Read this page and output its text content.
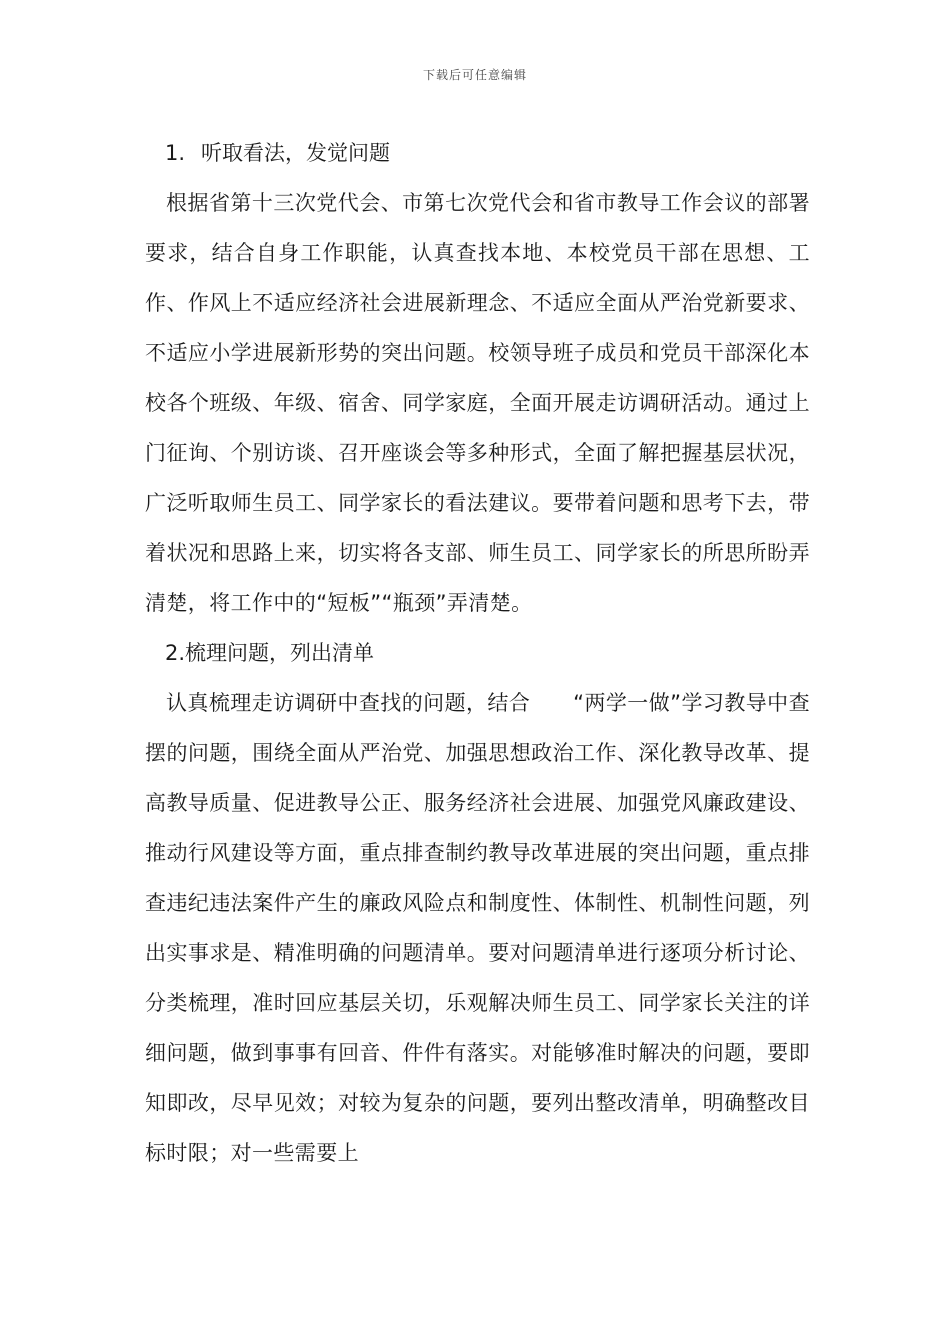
下载后可任意编辑

1. 听取看法，发觉问题

根据省第十三次党代会、市第七次党代会和省市教导工作会议的部署要求，结合自身工作职能，认真查找本地、本校党员干部在思想、工作、作风上不适应经济社会进展新理念、不适应全面从严治党新要求、不适应小学进展新形势的突出问题。校领导班子成员和党员干部深化本校各个班级、年级、宿舍、同学家庭，全面开展走访调研活动。通过上门征询、个别访谈、召开座谈会等多种形式，全面了解把握基层状况，广泛听取师生员工、同学家长的看法建议。要带着问题和思考下去，带着状况和思路上来，切实将各支部、师生员工、同学家长的所思所盼弄清楚，将工作中的“短板”“瓶颈”弄清楚。

2.梳理问题，列出清单

认真梳理走访调研中查找的问题，结合　　“两学一做”学习教导中查摆的问题，围绕全面从严治党、加强思想政治工作、深化教导改革、提高教导质量、促进教导公正、服务经济社会进展、加强党风廉政建设、推动行风建设等方面，重点排查制约教导改革进展的突出问题，重点排查违纪违法案件产生的廉政风险点和制度性、体制性、机制性问题，列出实事求是、精准明确的问题清单。要对问题清单进行逐项分析讨论、分类梳理，准时回应基层关切，乐观解决师生员工、同学家长关注的详细问题，做到事事有回音、件件有落实。对能够准时解决的问题，要即知即改，尽早见效；对较为复杂的问题，要列出整改清单，明确整改目标时限；对一些需要上
